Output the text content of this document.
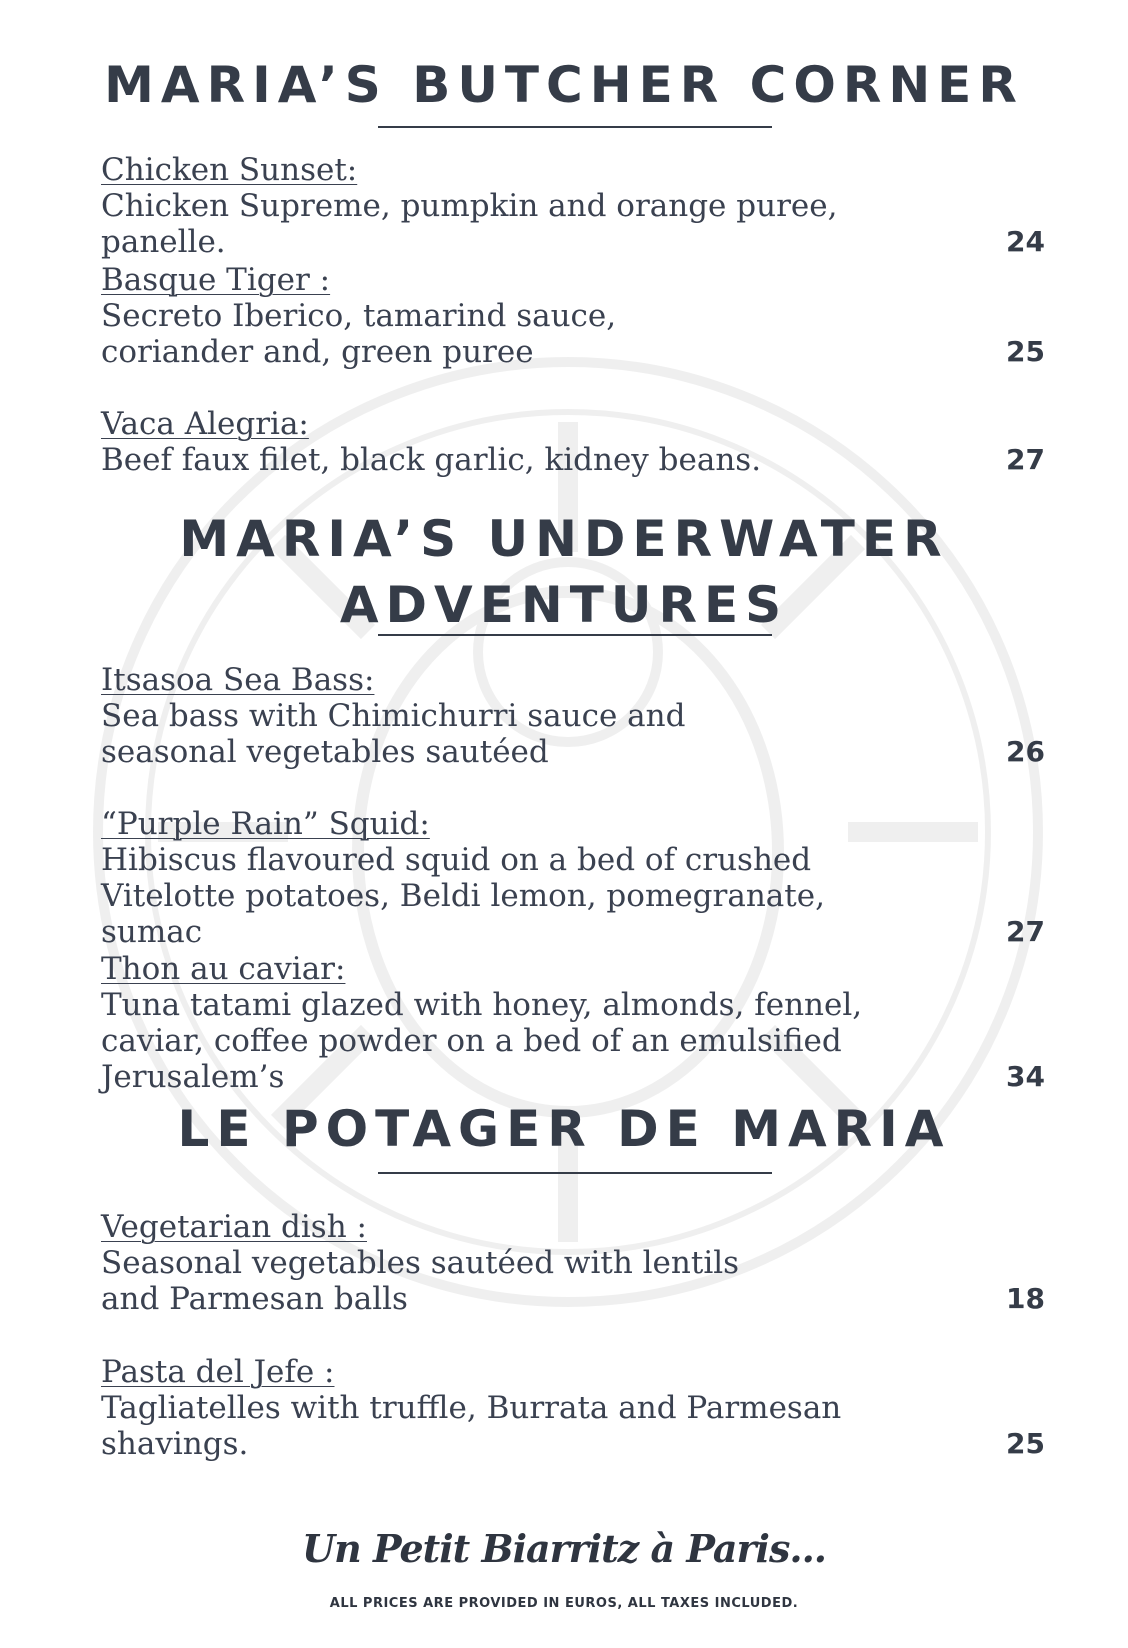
MARIA’S BUTCHER CORNER
Chicken Sunset:
Chicken Supreme, pumpkin and orange puree, panelle.	24
Basque Tiger :
Secreto Iberico, tamarind sauce, coriander and, green puree	25
Vaca Alegria:
Beef faux filet, black garlic, kidney beans.	27
MARIA’S UNDERWATER
ADVENTURES
Itsasoa Sea Bass:
Sea bass with Chimichurri sauce and seasonal vegetables sautéed	26
“Purple Rain” Squid:
Hibiscus flavoured squid on a bed of crushed Vitelotte potatoes, Beldi lemon, pomegranate, sumac	27
Thon au caviar:
Tuna tatami glazed with honey, almonds, fennel, caviar, coffee powder on a bed of an emulsified Jerusalem’s	34
LE POTAGER DE MARIA
Vegetarian dish :
Seasonal vegetables sautéed with lentils and Parmesan balls	18
Pasta del Jefe :
Tagliatelles with truffle, Burrata and Parmesan shavings.	25
Un Petit Biarritz à Paris...
ALL PRICES ARE PROVIDED IN EUROS, ALL TAXES INCLUDED.
